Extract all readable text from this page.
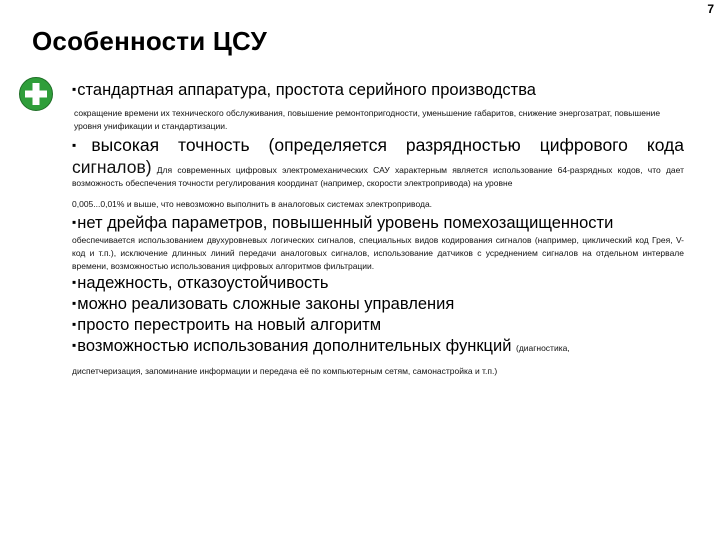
7
Особенности ЦСУ

▪стандартная аппаратура, простота серийного производства

сокращение времени их технического обслуживания, повышение ремонтопригодности, уменьшение габаритов, снижение энергозатрат, повышение уровня унификации и стандартизации.

▪высокая точность (определяется разрядностью цифрового кода

сигналов) Для современных цифровых электромеханических САУ характерным является использование 64-разрядных кодов, что дает возможность обеспечения точности регулирования координат (например, скорости электропривода) на уровне

0,005...0,01% и выше, что невозможно выполнить в аналоговых системах электропривода.

▪нет дрейфа параметров, повышенный уровень помехозащищенности

обеспечивается использованием двухуровневых логических сигналов, специальных видов кодирования сигналов (например, циклический код Грея, V-код и т.п.), исключение длинных линий передачи аналоговых сигналов, использование датчиков с усреднением сигналов на отдельном интервале времени, возможностью использования цифровых алгоритмов фильтрации.

▪надежность, отказоустойчивость

▪можно реализовать сложные законы управления

▪просто перестроить на новый алгоритм

▪возможностью использования дополнительных функций (диагностика,

диспетчеризация, запоминание информации и передача её по компьютерным сетям, самонастройка и т.п.)
